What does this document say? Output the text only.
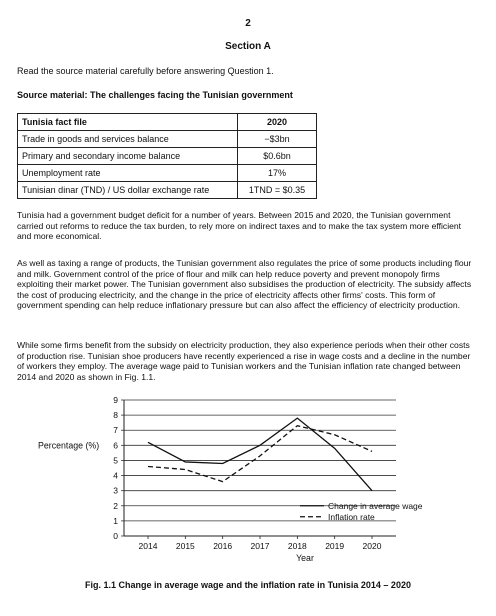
2
Section A
Read the source material carefully before answering Question 1.
Source material: The challenges facing the Tunisian government
Tunisia fact file	2020
Trade in goods and services balance	−$3bn
Primary and secondary income balance	$0.6bn
Unemployment rate	17%
Tunisian dinar (TND) / US dollar exchange rate	1TND = $0.35

Tunisia had a government budget deficit for a number of years. Between 2015 and 2020, the Tunisian government carried out reforms to reduce the tax burden, to rely more on indirect taxes and to make the tax system more efficient and more economical.

As well as taxing a range of products, the Tunisian government also regulates the price of some products including flour and milk. Government control of the price of flour and milk can help reduce poverty and prevent monopoly firms exploiting their market power. The Tunisian government also subsidises the production of electricity. The subsidy affects the cost of producing electricity, and the change in the price of electricity affects other firms' costs. This form of government spending can help reduce inflationary pressure but can also affect the efficiency of electricity production.

While some firms benefit from the subsidy on electricity production, they also experience periods when their other costs of production rise. Tunisian shoe producers have recently experienced a rise in wage costs and a decline in the number of workers they employ. The average wage paid to Tunisian workers and the Tunisian inflation rate changed between 2014 and 2020 as shown in Fig. 1.1.

0
1
2
3
4
5
6
7
8
9
2014 2015 2016 2017 2018 2019 2020
Percentage (%)
Year
Change in average wage
Inflation rate
Fig. 1.1 Change in average wage and the inflation rate in Tunisia 2014 – 2020
